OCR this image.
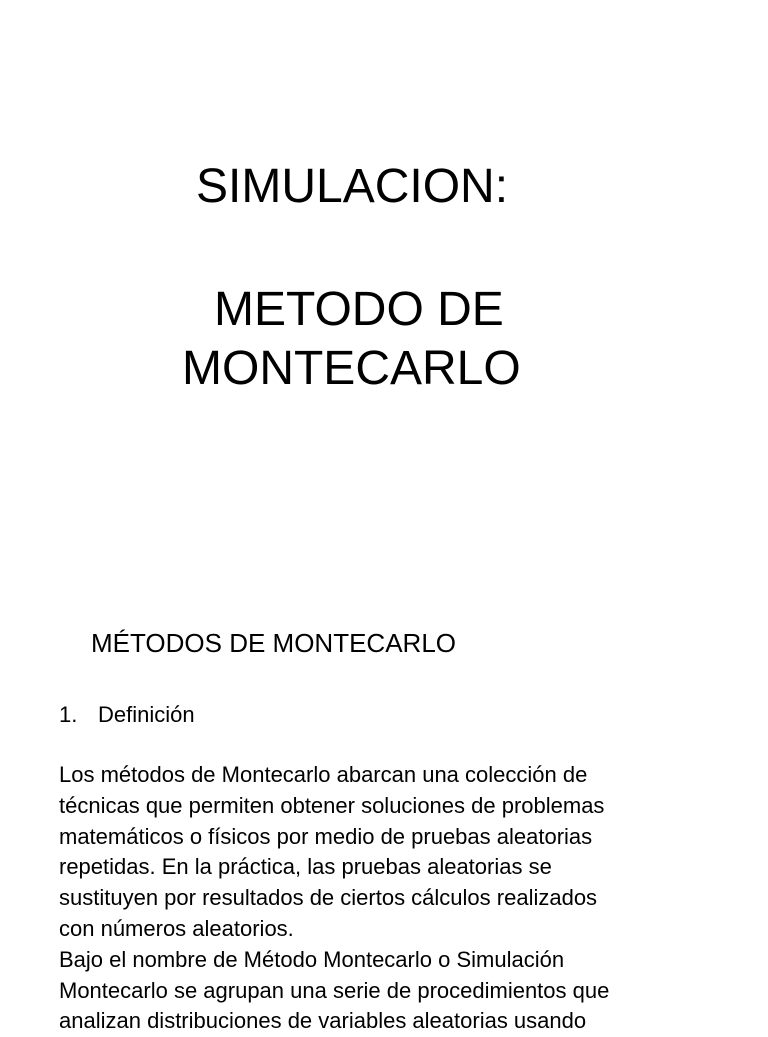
SIMULACION:
METODO DE
MONTECARLO
MÉTODOS DE MONTECARLO
1. Definición
Los métodos de Montecarlo abarcan una colección de
técnicas que permiten obtener soluciones de problemas
matemáticos o físicos por medio de pruebas aleatorias
repetidas. En la práctica, las pruebas aleatorias se
sustituyen por resultados de ciertos cálculos realizados
con números aleatorios.
Bajo el nombre de Método Montecarlo o Simulación
Montecarlo se agrupan una serie de procedimientos que
analizan distribuciones de variables aleatorias usando
